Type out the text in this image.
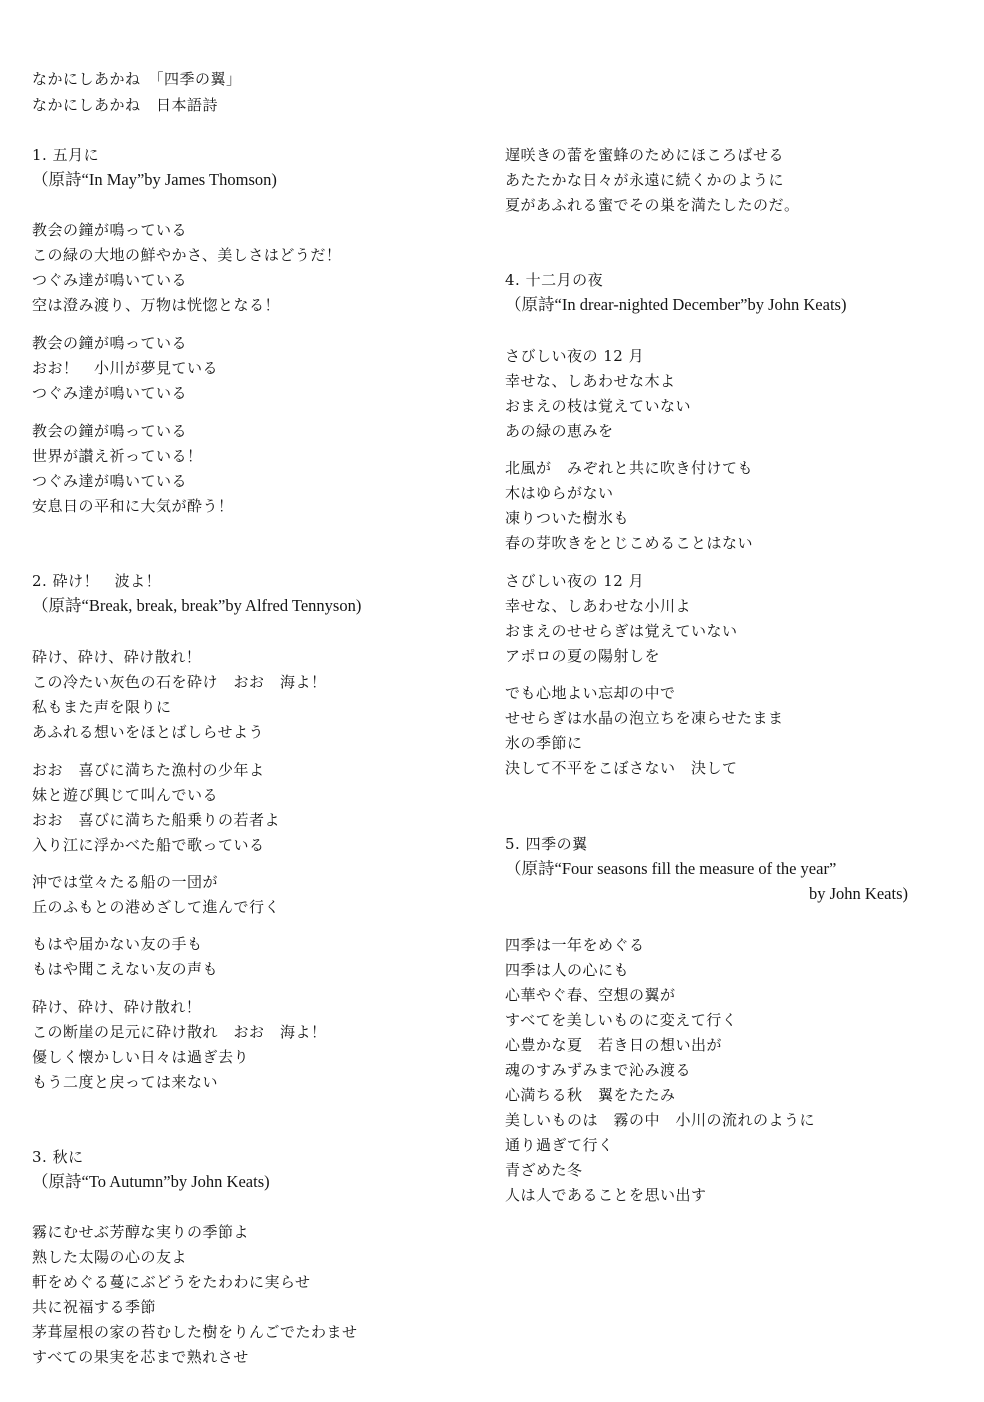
なかにしあかね　「四季の翼」
なかにしあかね　日本語詩
1. 五月に
（原詩“In May”by James Thomson)
教会の鐘が鳴っている
この緑の大地の鮮やかさ、美しさはどうだ！
つぐみ達が鳴いている
空は澄み渡り、万物は恍惚となる！
教会の鐘が鳴っている
おお！　小川が夢見ている
つぐみ達が鳴いている
教会の鐘が鳴っている
世界が讃え祈っている！
つぐみ達が鳴いている
安息日の平和に大気が酔う！
2. 砕け！　波よ！
（原詩“Break, break, break”by Alfred Tennyson)
砕け、砕け、砕け散れ！
この冷たい灰色の石を砕け　おお　海よ！
私もまた声を限りに
あふれる想いをほとばしらせよう
おお　喜びに満ちた漁村の少年よ
妹と遊び興じて叫んでいる
おお　喜びに満ちた船乗りの若者よ
入り江に浮かべた船で歌っている
沖では堂々たる船の一団が
丘のふもとの港めざして進んで行く
もはや届かない友の手も
もはや聞こえない友の声も
砕け、砕け、砕け散れ！
この断崖の足元に砕け散れ　おお　海よ！
優しく懐かしい日々は過ぎ去り
もう二度と戻っては来ない
3. 秋に
（原詩“To Autumn”by John Keats)
霧にむせぶ芳醇な実りの季節よ
熟した太陽の心の友よ
軒をめぐる蔓にぶどうをたわわに実らせ
共に祝福する季節
茅葺屋根の家の苔むした樹をりんごでたわませ
すべての果実を芯まで熟れさせ
遅咲きの蕾を蜜蜂のためにほころばせる
あたたかな日々が永遠に続くかのように
夏があふれる蜜でその巣を満たしたのだ。
4. 十二月の夜
（原詩“In drear-nighted December”by John Keats)
さびしい夜の 12 月
幸せな、しあわせな木よ
おまえの枝は覚えていない
あの緑の恵みを
北風が　みぞれと共に吹き付けても
木はゆらがない
凍りついた樹氷も
春の芽吹きをとじこめることはない
さびしい夜の 12 月
幸せな、しあわせな小川よ
おまえのせせらぎは覚えていない
アポロの夏の陽射しを
でも心地よい忘却の中で
せせらぎは水晶の泡立ちを凍らせたまま
氷の季節に
決して不平をこぼさない　決して
5. 四季の翼
（原詩“Four seasons fill the measure of the year”
by John Keats)
四季は一年をめぐる
四季は人の心にも
心華やぐ春、空想の翼が
すべてを美しいものに変えて行く
心豊かな夏　若き日の想い出が
魂のすみずみまで沁み渡る
心満ちる秋　翼をたたみ
美しいものは　霧の中　小川の流れのように
通り過ぎて行く
青ざめた冬
人は人であることを思い出す
